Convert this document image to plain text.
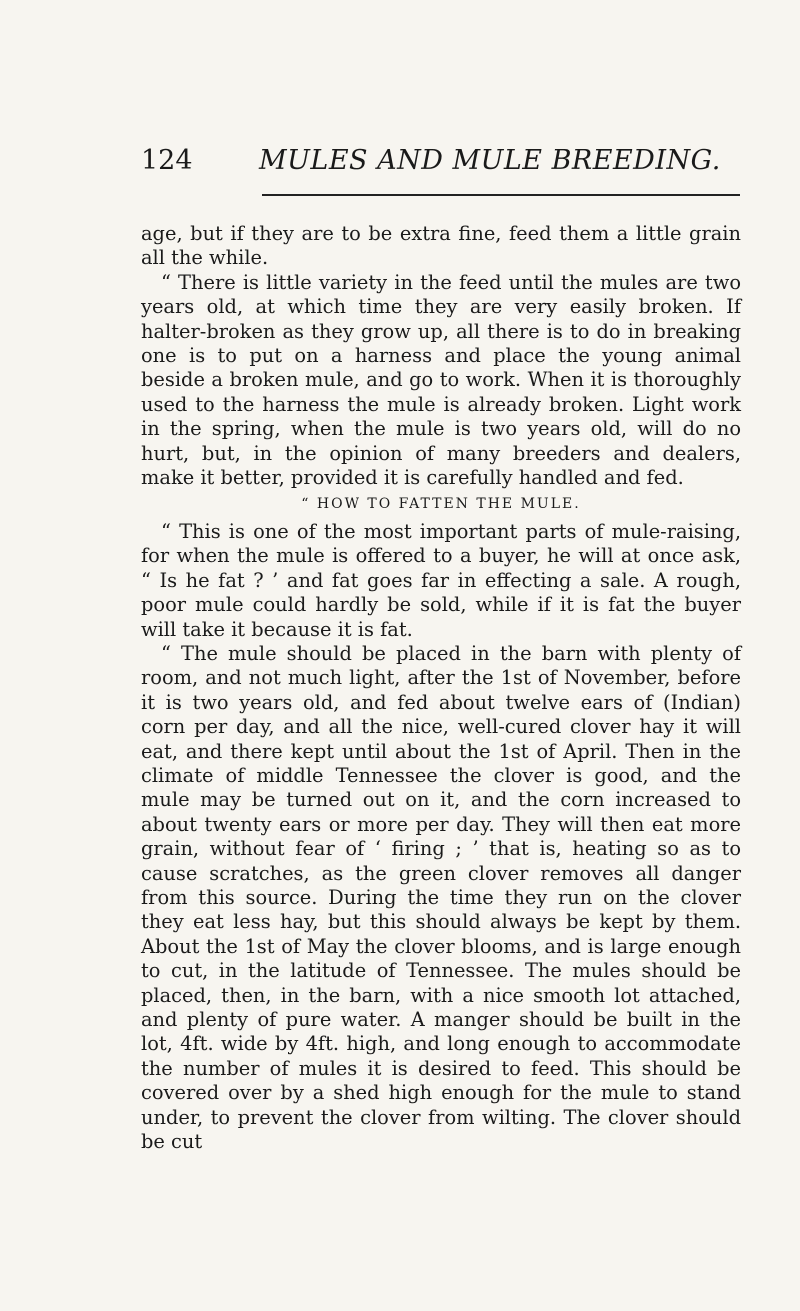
124 MULES AND MULE BREEDING.

age, but if they are to be extra fine, feed them a little grain all the while.

“ There is little variety in the feed until the mules are two years old, at which time they are very easily broken. If halter-broken as they grow up, all there is to do in breaking one is to put on a harness and place the young animal beside a broken mule, and go to work. When it is thoroughly used to the harness the mule is already broken. Light work in the spring, when the mule is two years old, will do no hurt, but, in the opinion of many breeders and dealers, make it better, provided it is carefully handled and fed.

“ HOW TO FATTEN THE MULE.

“ This is one of the most important parts of mule-raising, for when the mule is offered to a buyer, he will at once ask, “ Is he fat ? ’ and fat goes far in effecting a sale. A rough, poor mule could hardly be sold, while if it is fat the buyer will take it because it is fat.

“ The mule should be placed in the barn with plenty of room, and not much light, after the 1st of November, before it is two years old, and fed about twelve ears of (Indian) corn per day, and all the nice, well-cured clover hay it will eat, and there kept until about the 1st of April. Then in the climate of middle Tennessee the clover is good, and the mule may be turned out on it, and the corn increased to about twenty ears or more per day. They will then eat more grain, without fear of ‘ firing ; ’ that is, heating so as to cause scratches, as the green clover removes all danger from this source. During the time they run on the clover they eat less hay, but this should always be kept by them. About the 1st of May the clover blooms, and is large enough to cut, in the latitude of Tennessee. The mules should be placed, then, in the barn, with a nice smooth lot attached, and plenty of pure water. A manger should be built in the lot, 4ft. wide by 4ft. high, and long enough to accommodate the number of mules it is desired to feed. This should be covered over by a shed high enough for the mule to stand under, to prevent the clover from wilting. The clover should be cut
